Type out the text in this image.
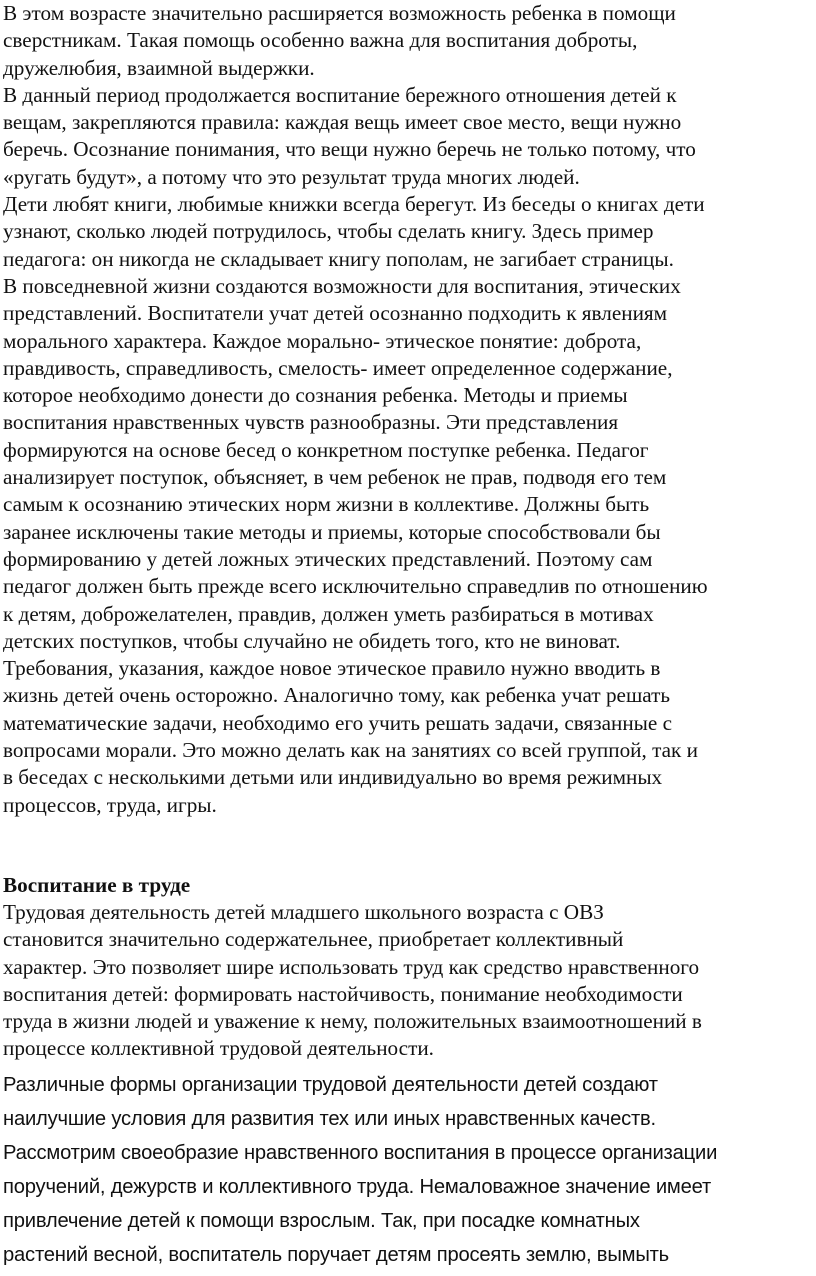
В этом возрасте значительно расширяется возможность ребенка в помощи
сверстникам. Такая помощь особенно важна для воспитания доброты,
дружелюбия, взаимной выдержки.
В данный период продолжается воспитание бережного отношения детей к
вещам, закрепляются правила: каждая вещь имеет свое место, вещи нужно
беречь. Осознание понимания, что вещи нужно беречь не только потому, что
«ругать будут», а потому что это результат труда многих людей.
Дети любят книги, любимые книжки всегда берегут. Из беседы о книгах дети
узнают, сколько людей потрудилось, чтобы сделать книгу. Здесь пример
педагога: он никогда не складывает книгу пополам, не загибает страницы.
В повседневной жизни создаются возможности для воспитания, этических
представлений. Воспитатели учат детей осознанно подходить к явлениям
морального характера. Каждое морально- этическое понятие: доброта,
правдивость, справедливость, смелость- имеет определенное содержание,
которое необходимо донести до сознания ребенка. Методы и приемы
воспитания нравственных чувств разнообразны. Эти представления
формируются на основе бесед о конкретном поступке ребенка. Педагог
анализирует поступок, объясняет, в чем ребенок не прав, подводя его тем
самым к осознанию этических норм жизни в коллективе. Должны быть
заранее исключены такие методы и приемы, которые способствовали бы
формированию у детей ложных этических представлений. Поэтому сам
педагог должен быть прежде всего исключительно справедлив по отношению
к детям, доброжелателен, правдив, должен уметь разбираться в мотивах
детских поступков, чтобы случайно не обидеть того, кто не виноват.
Требования, указания, каждое новое этическое правило нужно вводить в
жизнь детей очень осторожно. Аналогично тому, как ребенка учат решать
математические задачи, необходимо его учить решать задачи, связанные с
вопросами морали. Это можно делать как на занятиях со всей группой, так и
в беседах с несколькими детьми или индивидуально во время режимных
процессов, труда, игры.
Воспитание в труде
Трудовая деятельность детей младшего школьного возраста с ОВЗ
становится значительно содержательнее, приобретает коллективный
характер. Это позволяет шире использовать труд как средство нравственного
воспитания детей: формировать настойчивость, понимание необходимости
труда в жизни людей и уважение к нему, положительных взаимоотношений в
процессе коллективной трудовой деятельности.
Различные формы организации трудовой деятельности детей создают
наилучшие условия для развития тех или иных нравственных качеств.
Рассмотрим своеобразие нравственного воспитания в процессе организации
поручений, дежурств и коллективного труда. Немаловажное значение имеет
привлечение детей к помощи взрослым. Так, при посадке комнатных
растений весной, воспитатель поручает детям просеять землю, вымыть
